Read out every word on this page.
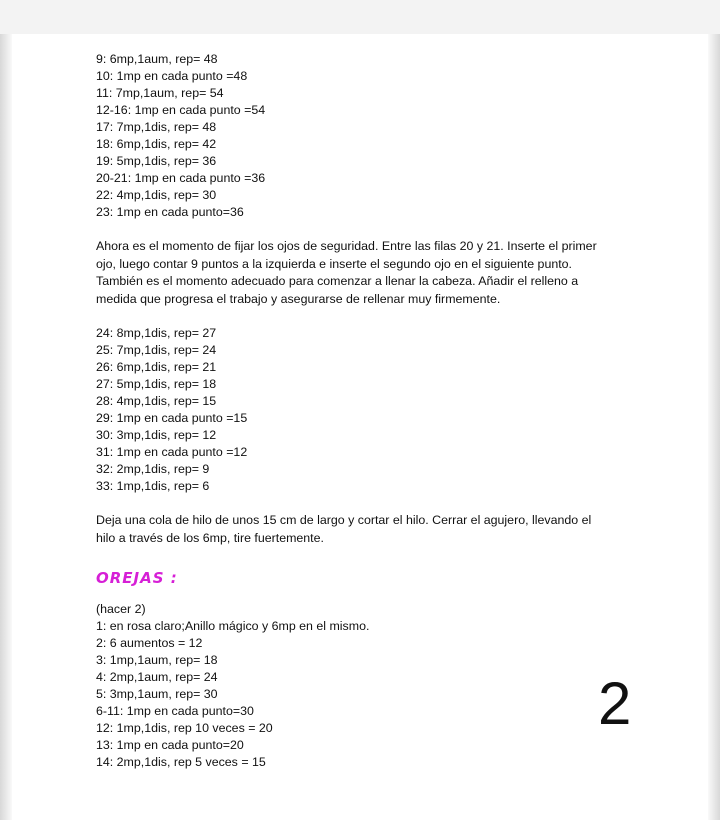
9: 6mp,1aum, rep= 48
10: 1mp en cada punto =48
11: 7mp,1aum, rep= 54
12-16: 1mp en cada punto =54
17: 7mp,1dis, rep= 48
18: 6mp,1dis, rep= 42
19: 5mp,1dis, rep= 36
20-21: 1mp en cada punto =36
22: 4mp,1dis, rep= 30
23: 1mp en cada punto=36
Ahora es el momento de fijar los ojos de seguridad. Entre las filas 20 y 21. Inserte el primer
ojo, luego contar 9 puntos a la izquierda e inserte el segundo ojo en el siguiente punto.
También es el momento adecuado para comenzar a llenar la cabeza. Añadir el relleno a
medida que progresa el trabajo y asegurarse de rellenar muy firmemente.
24: 8mp,1dis, rep= 27
25: 7mp,1dis, rep= 24
26: 6mp,1dis, rep= 21
27: 5mp,1dis, rep= 18
28: 4mp,1dis, rep= 15
29: 1mp en cada punto =15
30: 3mp,1dis, rep= 12
31: 1mp en cada punto =12
32: 2mp,1dis, rep= 9
33: 1mp,1dis, rep= 6
Deja una cola de hilo de unos 15 cm de largo y cortar el hilo. Cerrar el agujero, llevando el
hilo a través de los 6mp, tire fuertemente.
OREJAS :
(hacer 2)
1: en rosa claro;Anillo mágico y 6mp en el mismo.
2: 6 aumentos = 12
3: 1mp,1aum, rep= 18
4: 2mp,1aum, rep= 24
5: 3mp,1aum, rep= 30
6-11: 1mp en cada punto=30
12: 1mp,1dis, rep 10 veces = 20
13: 1mp en cada punto=20
14: 2mp,1dis, rep 5 veces = 15
2
